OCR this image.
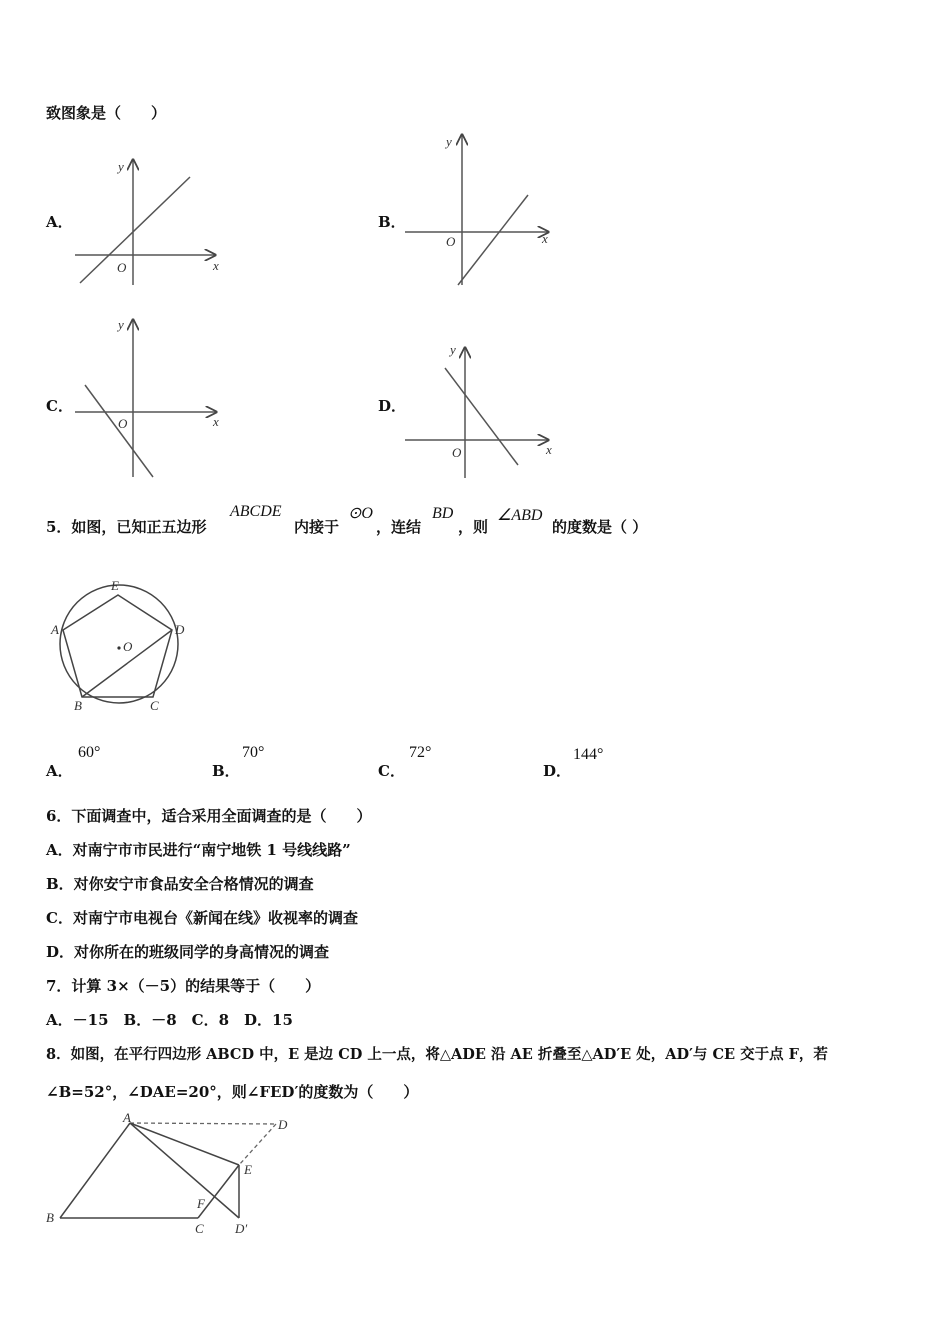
致图象是（　　）
A．
x
y
O
B．
x
y
O
C．
x
y
O
D．
x
y
O
5．如图，已知正五边形
ABCDE
内接于
⊙O
，连结
BD
，则
∠ABD
的度数是（ ）
E
A	D
O
B	C
A．
60°
B．
70°
C．
72°
D．
144°
6．下面调查中，适合采用全面调查的是（　　）
A．对南宁市市民进行“南宁地铁 1 号线线路”
B．对你安宁市食品安全合格情况的调查
C．对南宁市电视台《新闻在线》收视率的调查
D．对你所在的班级同学的身高情况的调查
7．计算 3×（－5）的结果等于（　　）
A．－15　B．－8　C．8　D．15
8．如图，在平行四边形 ABCD 中，E 是边 CD 上一点，将△ADE 沿 AE 折叠至△AD′E 处，AD′与 CE 交于点 F，若
∠B=52°，∠DAE=20°，则∠FED′的度数为（　　）
A	D
E
F
B
C D′
